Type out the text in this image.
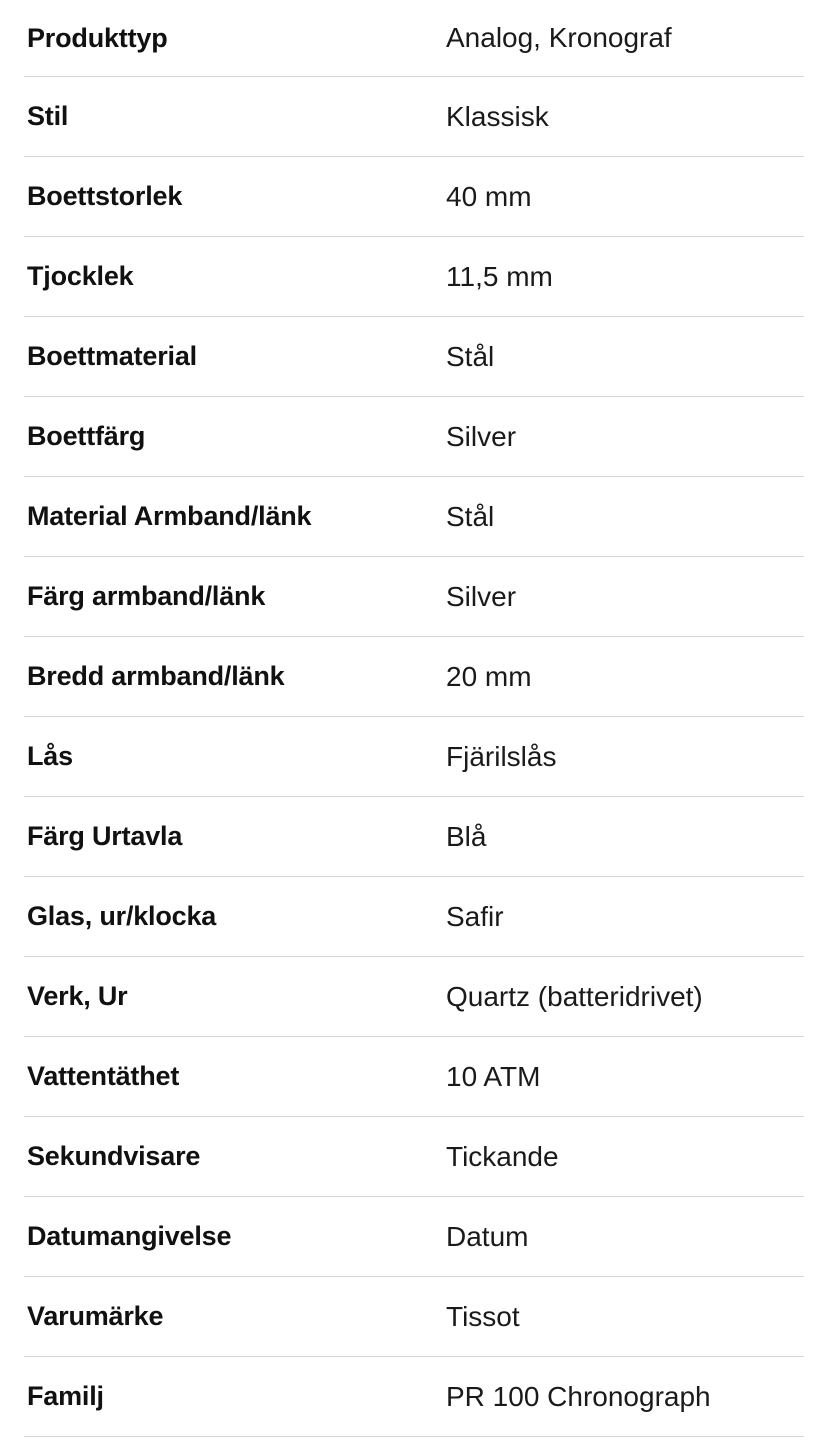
Produkttyp	Analog, Kronograf
Stil	Klassisk
Boettstorlek	40 mm
Tjocklek	11,5 mm
Boettmaterial	Stål
Boettfärg	Silver
Material Armband/länk	Stål
Färg armband/länk	Silver
Bredd armband/länk	20 mm
Lås	Fjärilslås
Färg Urtavla	Blå
Glas, ur/klocka	Safir
Verk, Ur	Quartz (batteridrivet)
Vattentäthet	10 ATM
Sekundvisare	Tickande
Datumangivelse	Datum
Varumärke	Tissot
Familj	PR 100 Chronograph
